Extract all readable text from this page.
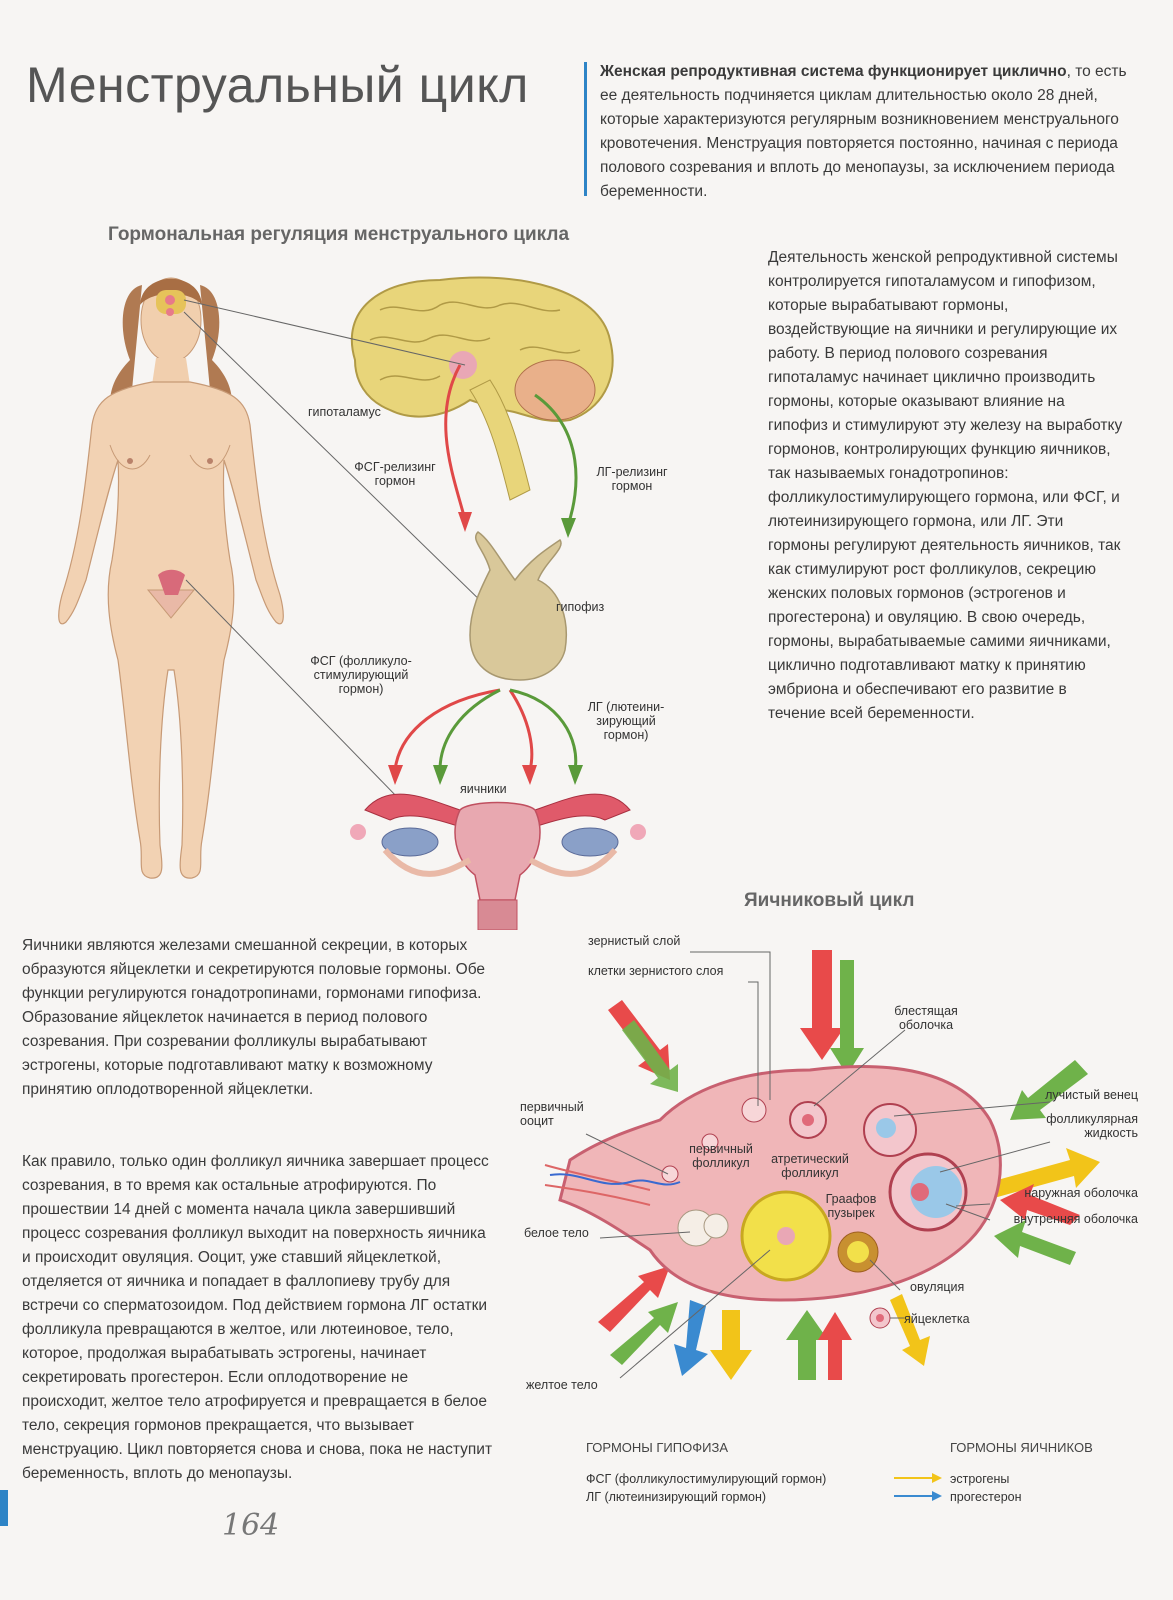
Менструальный цикл	Женская репродуктивная система функционирует циклично, то есть ее деятельность подчиняется циклам длительностью около 28 дней, которые характеризуются регулярным возникновением менструального кровотечения. Менструация повторяется постоянно, начиная с периода полового созревания и вплоть до менопаузы, за исключением периода беременности.
Гормональная регуляция менструального цикла
Деятельность женской репродуктивной системы контролируется гипоталамусом и гипофизом, которые вырабатывают гормоны, воздействующие на яичники и регулирующие их работу. В период полового созревания гипоталамус начинает циклично производить гормоны, которые оказывают влияние на гипофиз и стимулируют эту железу на выработку гормонов, контролирующих функцию яичников, так называемых гонадотропинов: фолликулостимулирующего гормона, или ФСГ, и лютеинизирующего гормона, или ЛГ. Эти гормоны регулируют деятельность яичников, так как стимулируют рост фолликулов, секрецию женских половых гормонов (эстрогенов и прогестерона) и овуляцию. В свою очередь, гормоны, вырабатываемые самими яичниками, циклично подготавливают матку к принятию эмбриона и обеспечивают его развитие в течение всей беременности.
гипоталамус
ФСГ-релизинг гормон
ЛГ-релизинг гормон
гипофиз
ФСГ (фолликуло-стимулирующий гормон)
ЛГ (лютеини-зирующий гормон)
яичники
Яичниковый цикл
Яичники являются железами смешанной секреции, в которых образуются яйцеклетки и секретируются половые гормоны. Обе функции регулируются гонадотропинами, гормонами гипофиза. Образование яйцеклеток начинается в период полового созревания. При созревании фолликулы вырабатывают эстрогены, которые подготавливают матку к возможному принятию оплодотворенной яйцеклетки.
Как правило, только один фолликул яичника завершает процесс созревания, в то время как остальные атрофируются. По прошествии 14 дней с момента начала цикла завершивший процесс созревания фолликул выходит на поверхность яичника и происходит овуляция. Ооцит, уже ставший яйцеклеткой, отделяется от яичника и попадает в фаллопиеву трубу для встречи со сперматозоидом. Под действием гормона ЛГ остатки фолликула превращаются в желтое, или лютеиновое, тело, которое, продолжая вырабатывать эстрогены, начинает секретировать прогестерон. Если оплодотворение не происходит, желтое тело атрофируется и превращается в белое тело, секреция гормонов прекращается, что вызывает менструацию. Цикл повторяется снова и снова, пока не наступит беременность, вплоть до менопаузы.
зернистый слой
клетки зернистого слоя
блестящая оболочка
лучистый венец
фолликулярная жидкость
наружная оболочка
внутренняя оболочка
первичный ооцит
первичный фолликул	атретический фолликул
Граафов пузырек
белое тело
овуляция
яйцеклетка
желтое тело
ГОРМОНЫ ГИПОФИЗА	ГОРМОНЫ ЯИЧНИКОВ
ФСГ (фолликулостимулирующий гормон)
ЛГ (лютеинизирующий гормон)
эстрогены
прогестерон
164
